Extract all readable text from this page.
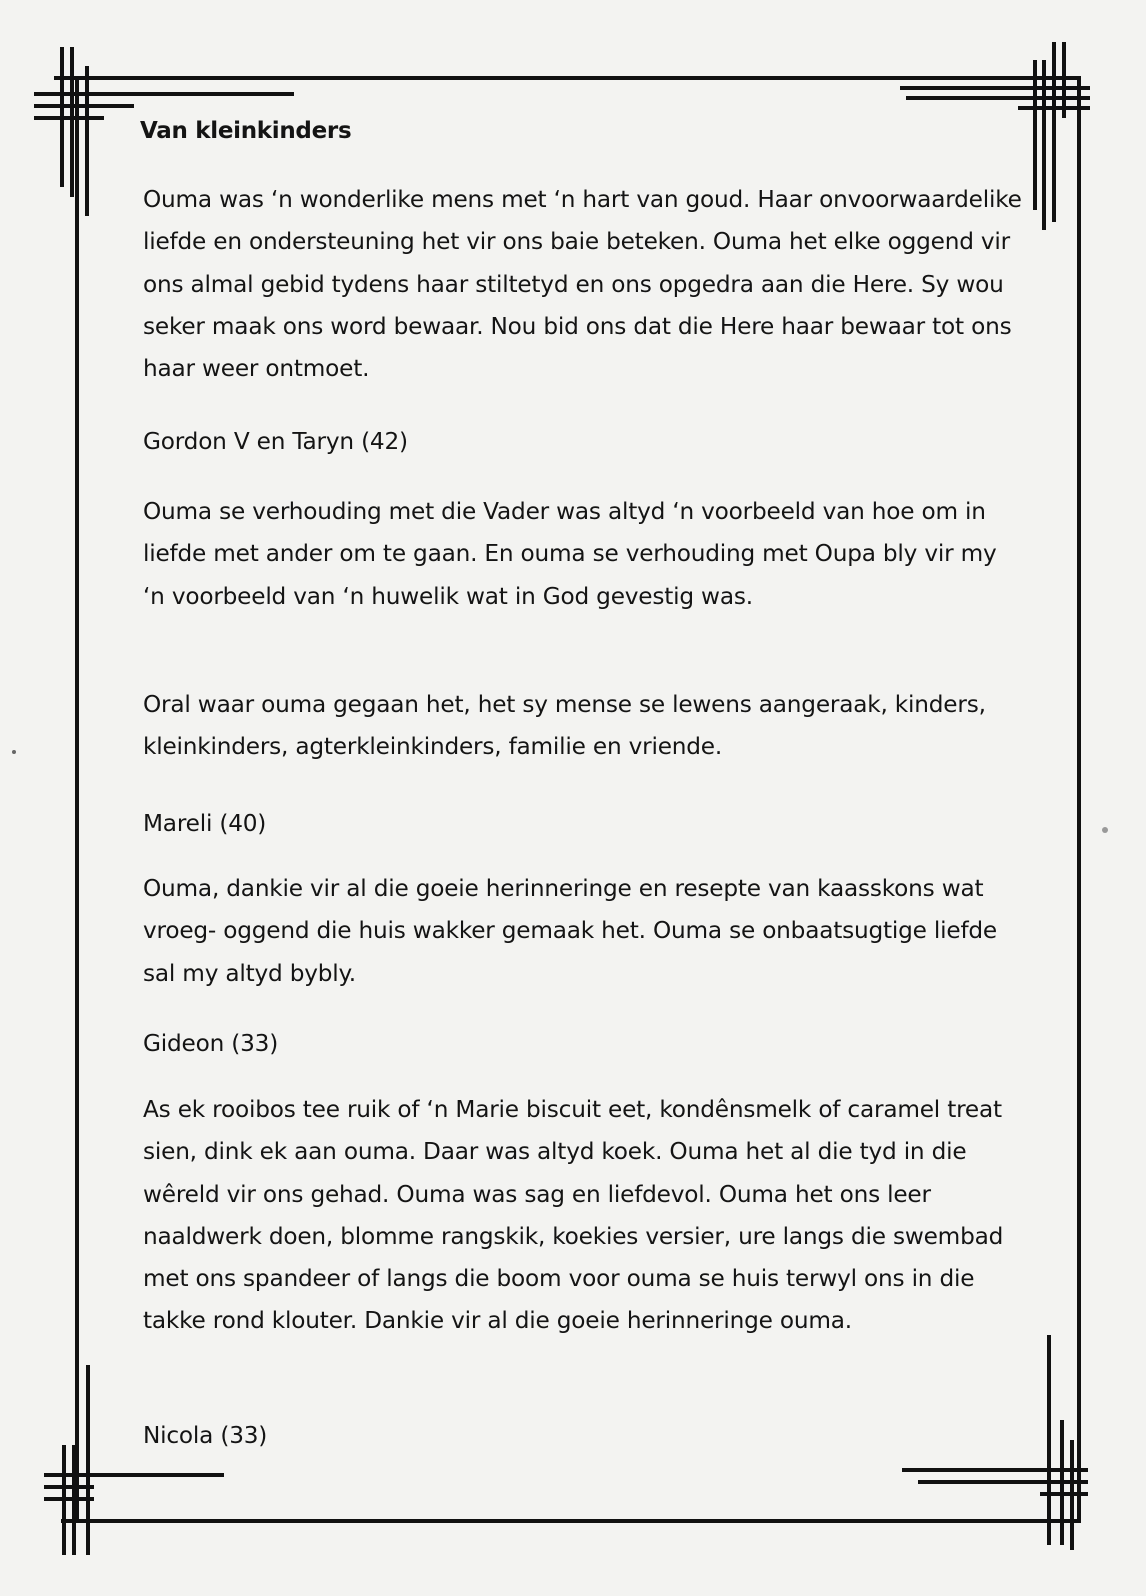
Van kleinkinders

Ouma was ‘n wonderlike mens met ‘n hart van goud. Haar onvoorwaardelike liefde en ondersteuning het vir ons baie beteken. Ouma het elke oggend vir ons almal gebid tydens haar stiltetyd en ons opgedra aan die Here. Sy wou seker maak ons word bewaar. Nou bid ons dat die Here haar bewaar tot ons haar weer ontmoet.

Gordon V en Taryn (42)

Ouma se verhouding met die Vader was altyd ‘n voorbeeld van hoe om in liefde met ander om te gaan. En ouma se verhouding met Oupa bly vir my ‘n voorbeeld van ‘n huwelik wat in God gevestig was.

Oral waar ouma gegaan het, het sy mense se lewens aangeraak, kinders, kleinkinders, agterkleinkinders, familie en vriende.

Mareli (40)

Ouma, dankie vir al die goeie herinneringe en resepte van kaasskons wat vroeg- oggend die huis wakker gemaak het. Ouma se onbaatsugtige liefde sal my altyd bybly.

Gideon (33)

As ek rooibos tee ruik of ‘n Marie biscuit eet, kondênsmelk of caramel treat sien, dink ek aan ouma. Daar was altyd koek. Ouma het al die tyd in die wêreld vir ons gehad. Ouma was sag en liefdevol. Ouma het ons leer naaldwerk doen, blomme rangskik, koekies versier, ure langs die swembad met ons spandeer of langs die boom voor ouma se huis terwyl ons in die takke rond klouter. Dankie vir al die goeie herinneringe ouma.

Nicola (33)
